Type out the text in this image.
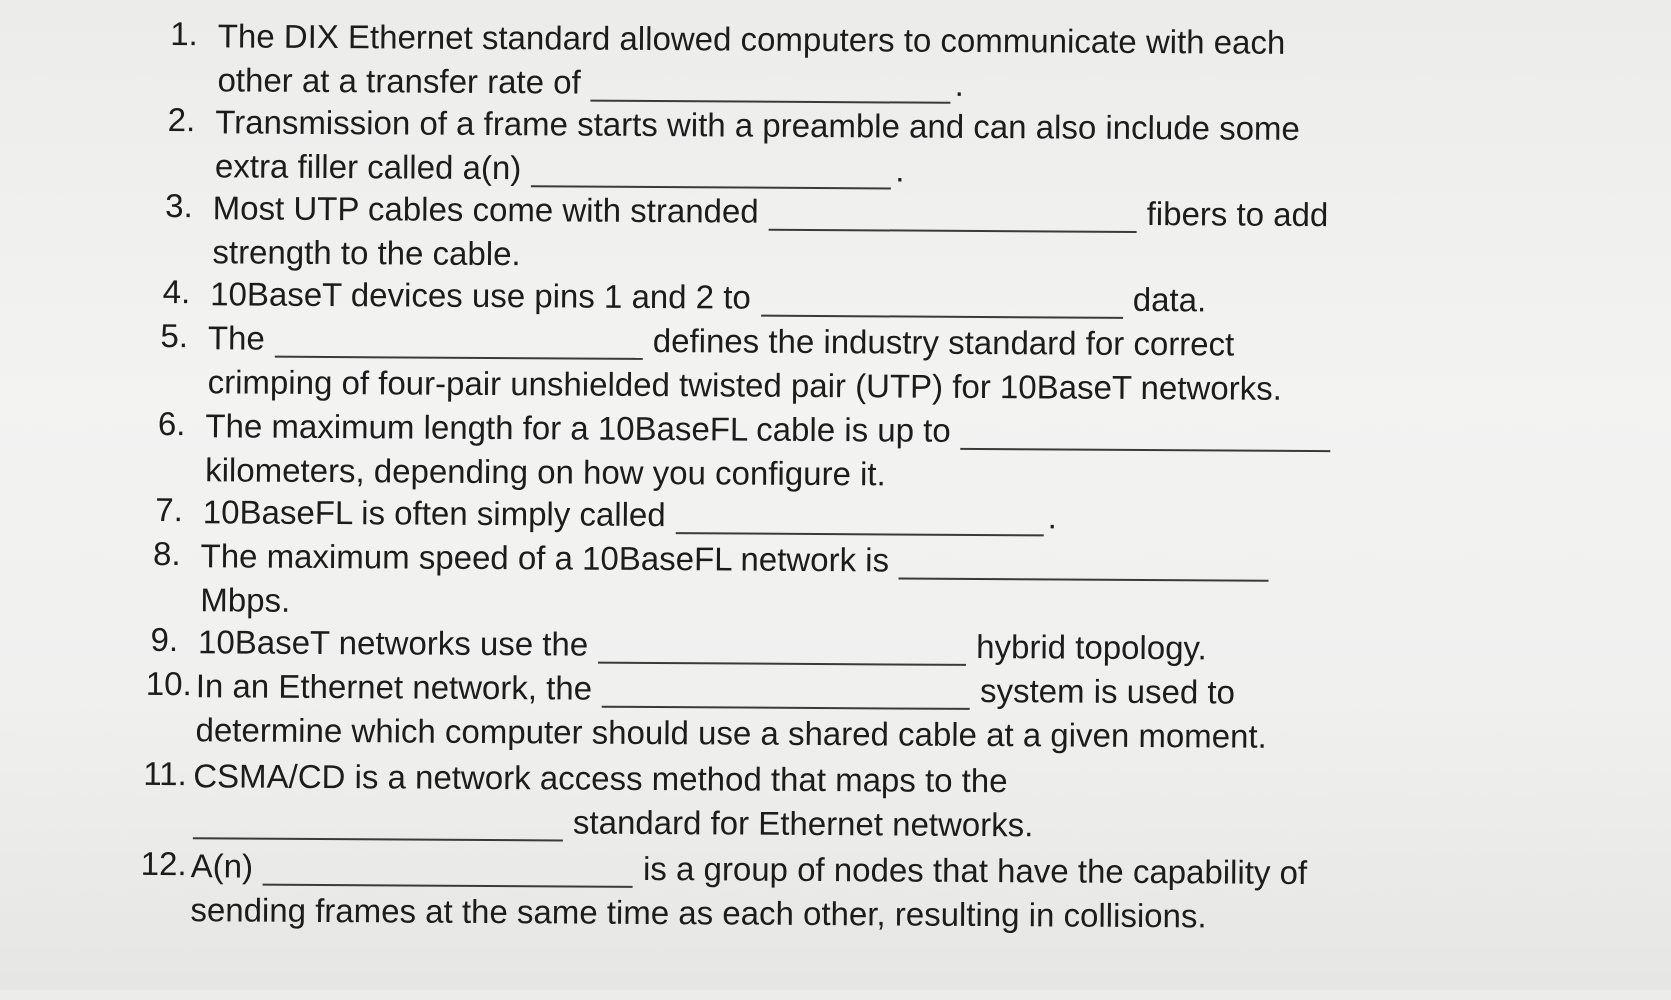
1. The DIX Ethernet standard allowed computers to communicate with each
other at a transfer rate of	.
2. Transmission of a frame starts with a preamble and can also include some
extra filler called a(n)	.
3. Most UTP cables come with stranded	fibers to add
strength to the cable.
4. 10BaseT devices use pins 1 and 2 to	data.
5. The	defines the industry standard for correct
crimping of four-pair unshielded twisted pair (UTP) for 10BaseT networks.
6. The maximum length for a 10BaseFL cable is up to
kilometers, depending on how you configure it.
7. 10BaseFL is often simply called	.
8. The maximum speed of a 10BaseFL network is
Mbps.
9. 10BaseT networks use the	hybrid topology.
10. In an Ethernet network, the	system is used to
determine which computer should use a shared cable at a given moment.
11. CSMA/CD is a network access method that maps to the
standard for Ethernet networks.
12. A(n)	is a group of nodes that have the capability of
sending frames at the same time as each other, resulting in collisions.
